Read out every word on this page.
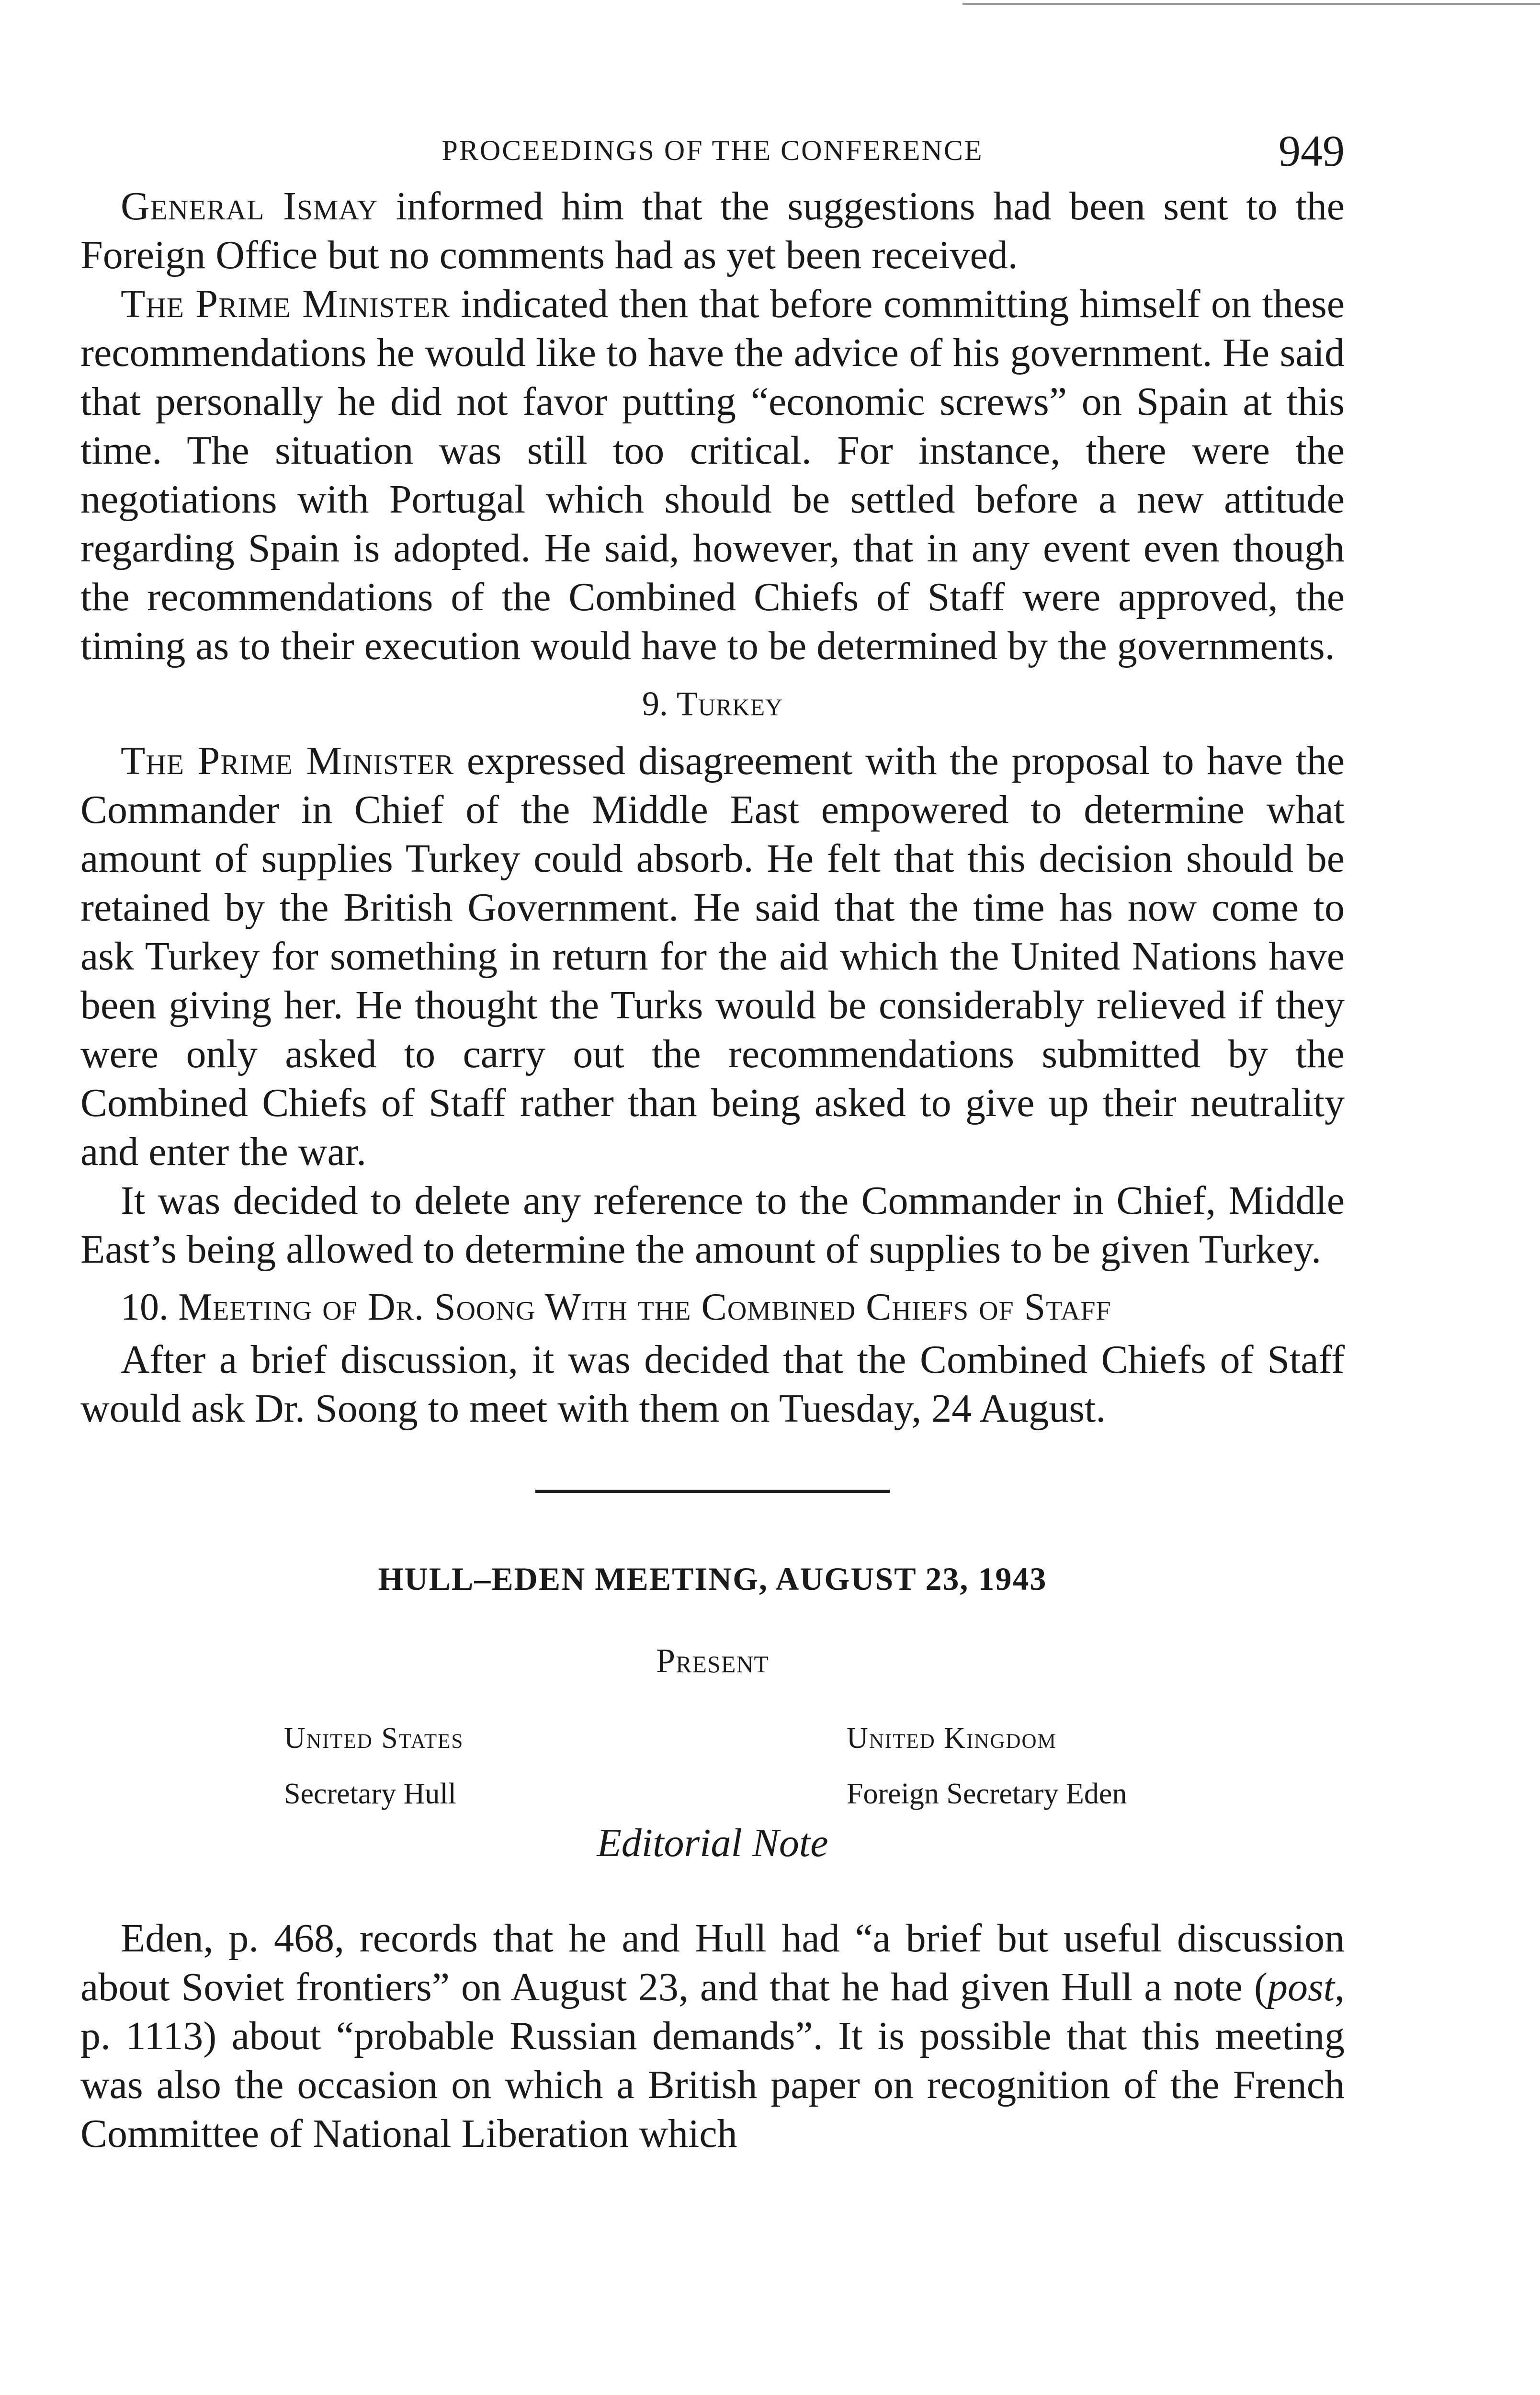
PROCEEDINGS OF THE CONFERENCE	949

General Ismay informed him that the suggestions had been sent to the Foreign Office but no comments had as yet been received.

The Prime Minister indicated then that before committing himself on these recommendations he would like to have the advice of his government. He said that personally he did not favor putting “economic screws” on Spain at this time. The situation was still too critical. For instance, there were the negotiations with Portugal which should be settled before a new attitude regarding Spain is adopted. He said, however, that in any event even though the recommendations of the Combined Chiefs of Staff were approved, the timing as to their execution would have to be determined by the governments.

9. Turkey

The Prime Minister expressed disagreement with the proposal to have the Commander in Chief of the Middle East empowered to determine what amount of supplies Turkey could absorb. He felt that this decision should be retained by the British Government. He said that the time has now come to ask Turkey for something in return for the aid which the United Nations have been giving her. He thought the Turks would be considerably relieved if they were only asked to carry out the recommendations submitted by the Combined Chiefs of Staff rather than being asked to give up their neutrality and enter the war.

It was decided to delete any reference to the Commander in Chief, Middle East’s being allowed to determine the amount of supplies to be given Turkey.

10. Meeting of Dr. Soong With the Combined Chiefs of Staff

After a brief discussion, it was decided that the Combined Chiefs of Staff would ask Dr. Soong to meet with them on Tuesday, 24 August.

HULL–EDEN MEETING, AUGUST 23, 1943
Present
United States
Secretary Hull
United Kingdom
Foreign Secretary Eden
Editorial Note

Eden, p. 468, records that he and Hull had “a brief but useful discussion about Soviet frontiers” on August 23, and that he had given Hull a note (post, p. 1113) about “probable Russian demands”. It is possible that this meeting was also the occasion on which a British paper on recognition of the French Committee of National Liberation which
